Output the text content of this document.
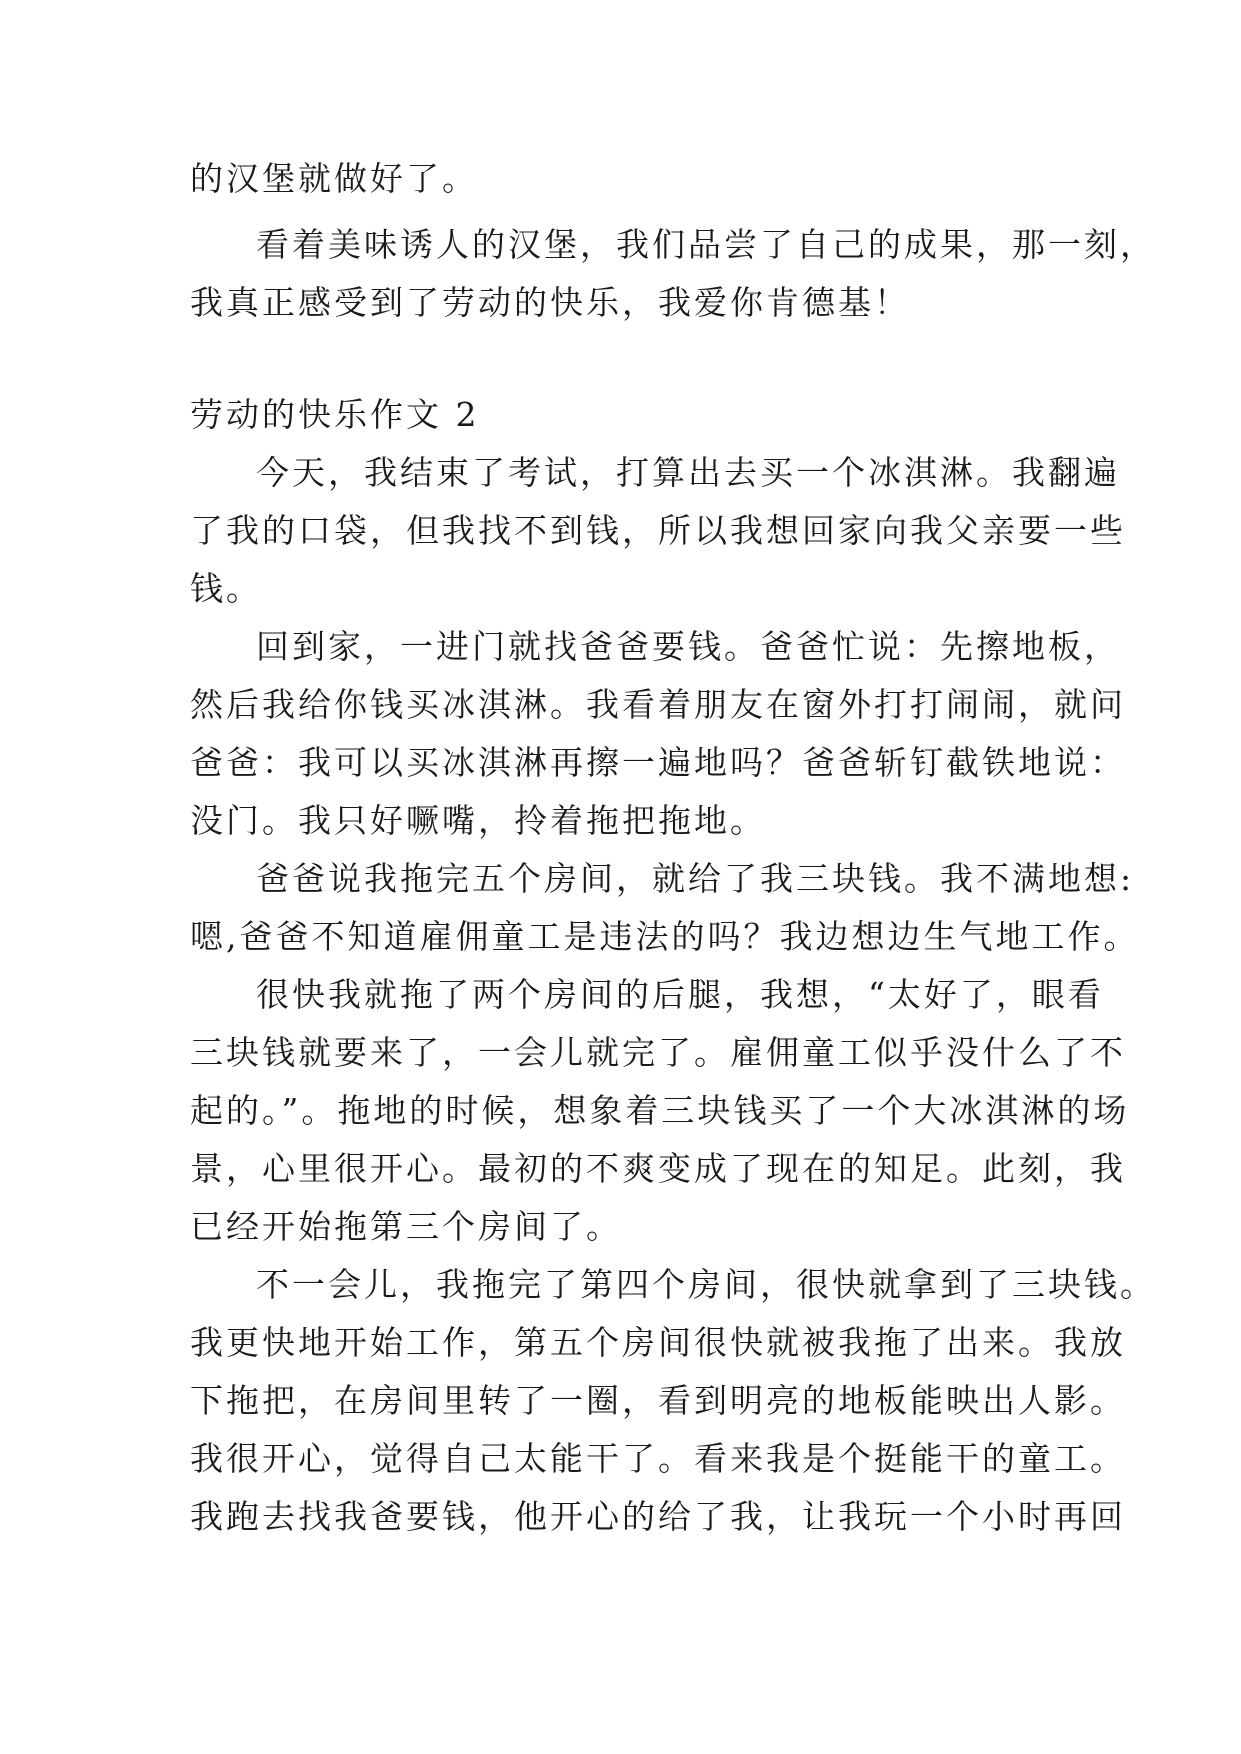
的汉堡就做好了。
看着美味诱人的汉堡，我们品尝了自己的成果，那一刻，
我真正感受到了劳动的快乐，我爱你肯德基！
劳动的快乐作文 2
今天，我结束了考试，打算出去买一个冰淇淋。我翻遍
了我的口袋，但我找不到钱，所以我想回家向我父亲要一些
钱。
回到家，一进门就找爸爸要钱。爸爸忙说：先擦地板，
然后我给你钱买冰淇淋。我看着朋友在窗外打打闹闹，就问
爸爸：我可以买冰淇淋再擦一遍地吗？爸爸斩钉截铁地说：
没门。我只好噘嘴，拎着拖把拖地。
爸爸说我拖完五个房间，就给了我三块钱。我不满地想:
嗯,爸爸不知道雇佣童工是违法的吗？我边想边生气地工作。
很快我就拖了两个房间的后腿，我想，“太好了，眼看
三块钱就要来了，一会儿就完了。雇佣童工似乎没什么了不
起的。”。拖地的时候，想象着三块钱买了一个大冰淇淋的场
景，心里很开心。最初的不爽变成了现在的知足。此刻，我
已经开始拖第三个房间了。
不一会儿，我拖完了第四个房间，很快就拿到了三块钱。
我更快地开始工作，第五个房间很快就被我拖了出来。我放
下拖把，在房间里转了一圈，看到明亮的地板能映出人影。
我很开心，觉得自己太能干了。看来我是个挺能干的童工。
我跑去找我爸要钱，他开心的给了我，让我玩一个小时再回
